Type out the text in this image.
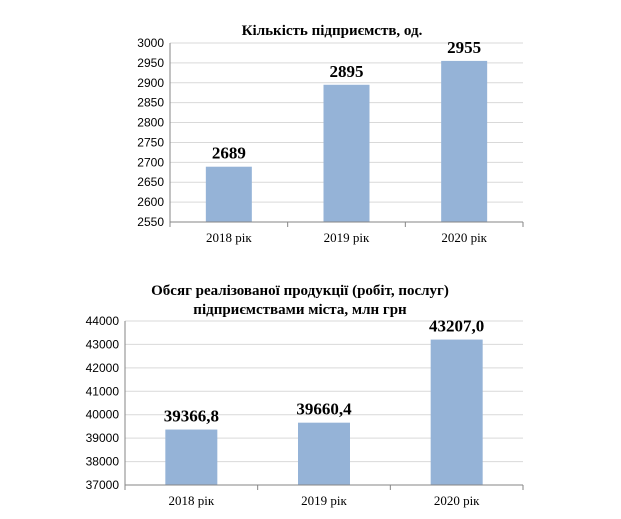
Кількість підприємств, од.
2550
2600
2650
2700
2750
2800
2850
2900
2950
3000
2689
2018 рік
2895
2019 рік
2955
2020 рік
Обсяг реалізованої продукції (робіт, послуг)
підприємствами міста, млн грн
37000
38000
39000
40000
41000
42000
43000
44000
39366,8
2018 рік
39660,4
2019 рік
43207,0
2020 рік
